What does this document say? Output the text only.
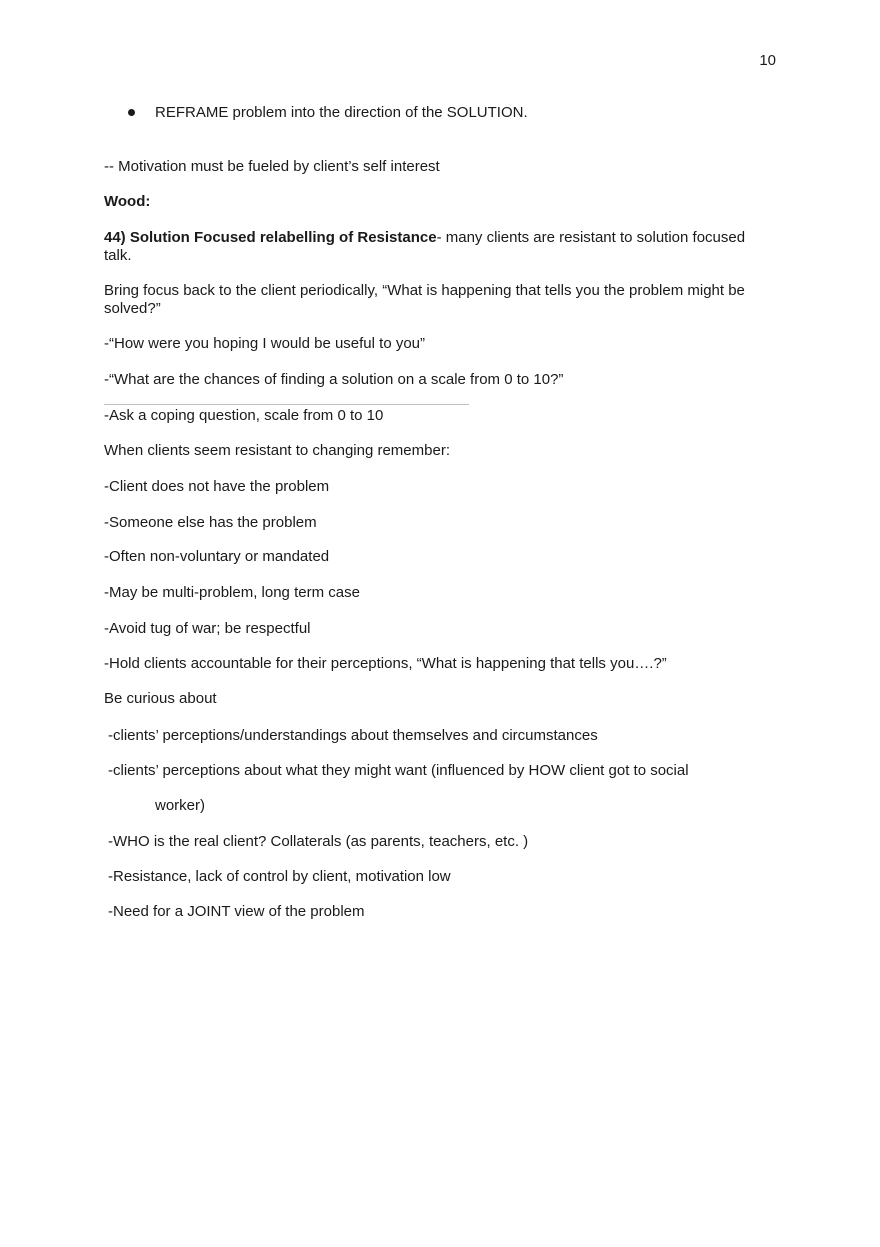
10
REFRAME problem into the direction of the SOLUTION.
-- Motivation must be fueled by client’s self interest
Wood:
44) Solution Focused relabelling of Resistance- many clients are resistant to solution focused talk.
Bring focus back to the client periodically, “What is happening that tells you the problem might be solved?”
-“How were you hoping I would be useful to you”
-“What are the chances of finding a solution on a scale from 0 to 10?”
-Ask a coping question, scale from 0 to 10
When clients seem resistant to changing remember:
-Client does not have the problem
-Someone else has the problem
-Often non-voluntary or mandated
-May be multi-problem, long term case
-Avoid tug of war; be respectful
-Hold clients accountable for their perceptions, “What is happening that tells you….?”
Be curious about
-clients’ perceptions/understandings about themselves and circumstances
-clients’ perceptions about what they might want (influenced by HOW client got to social
worker)
-WHO is the real client? Collaterals (as parents, teachers, etc. )
-Resistance, lack of control by client, motivation low
-Need for a JOINT view of the problem
